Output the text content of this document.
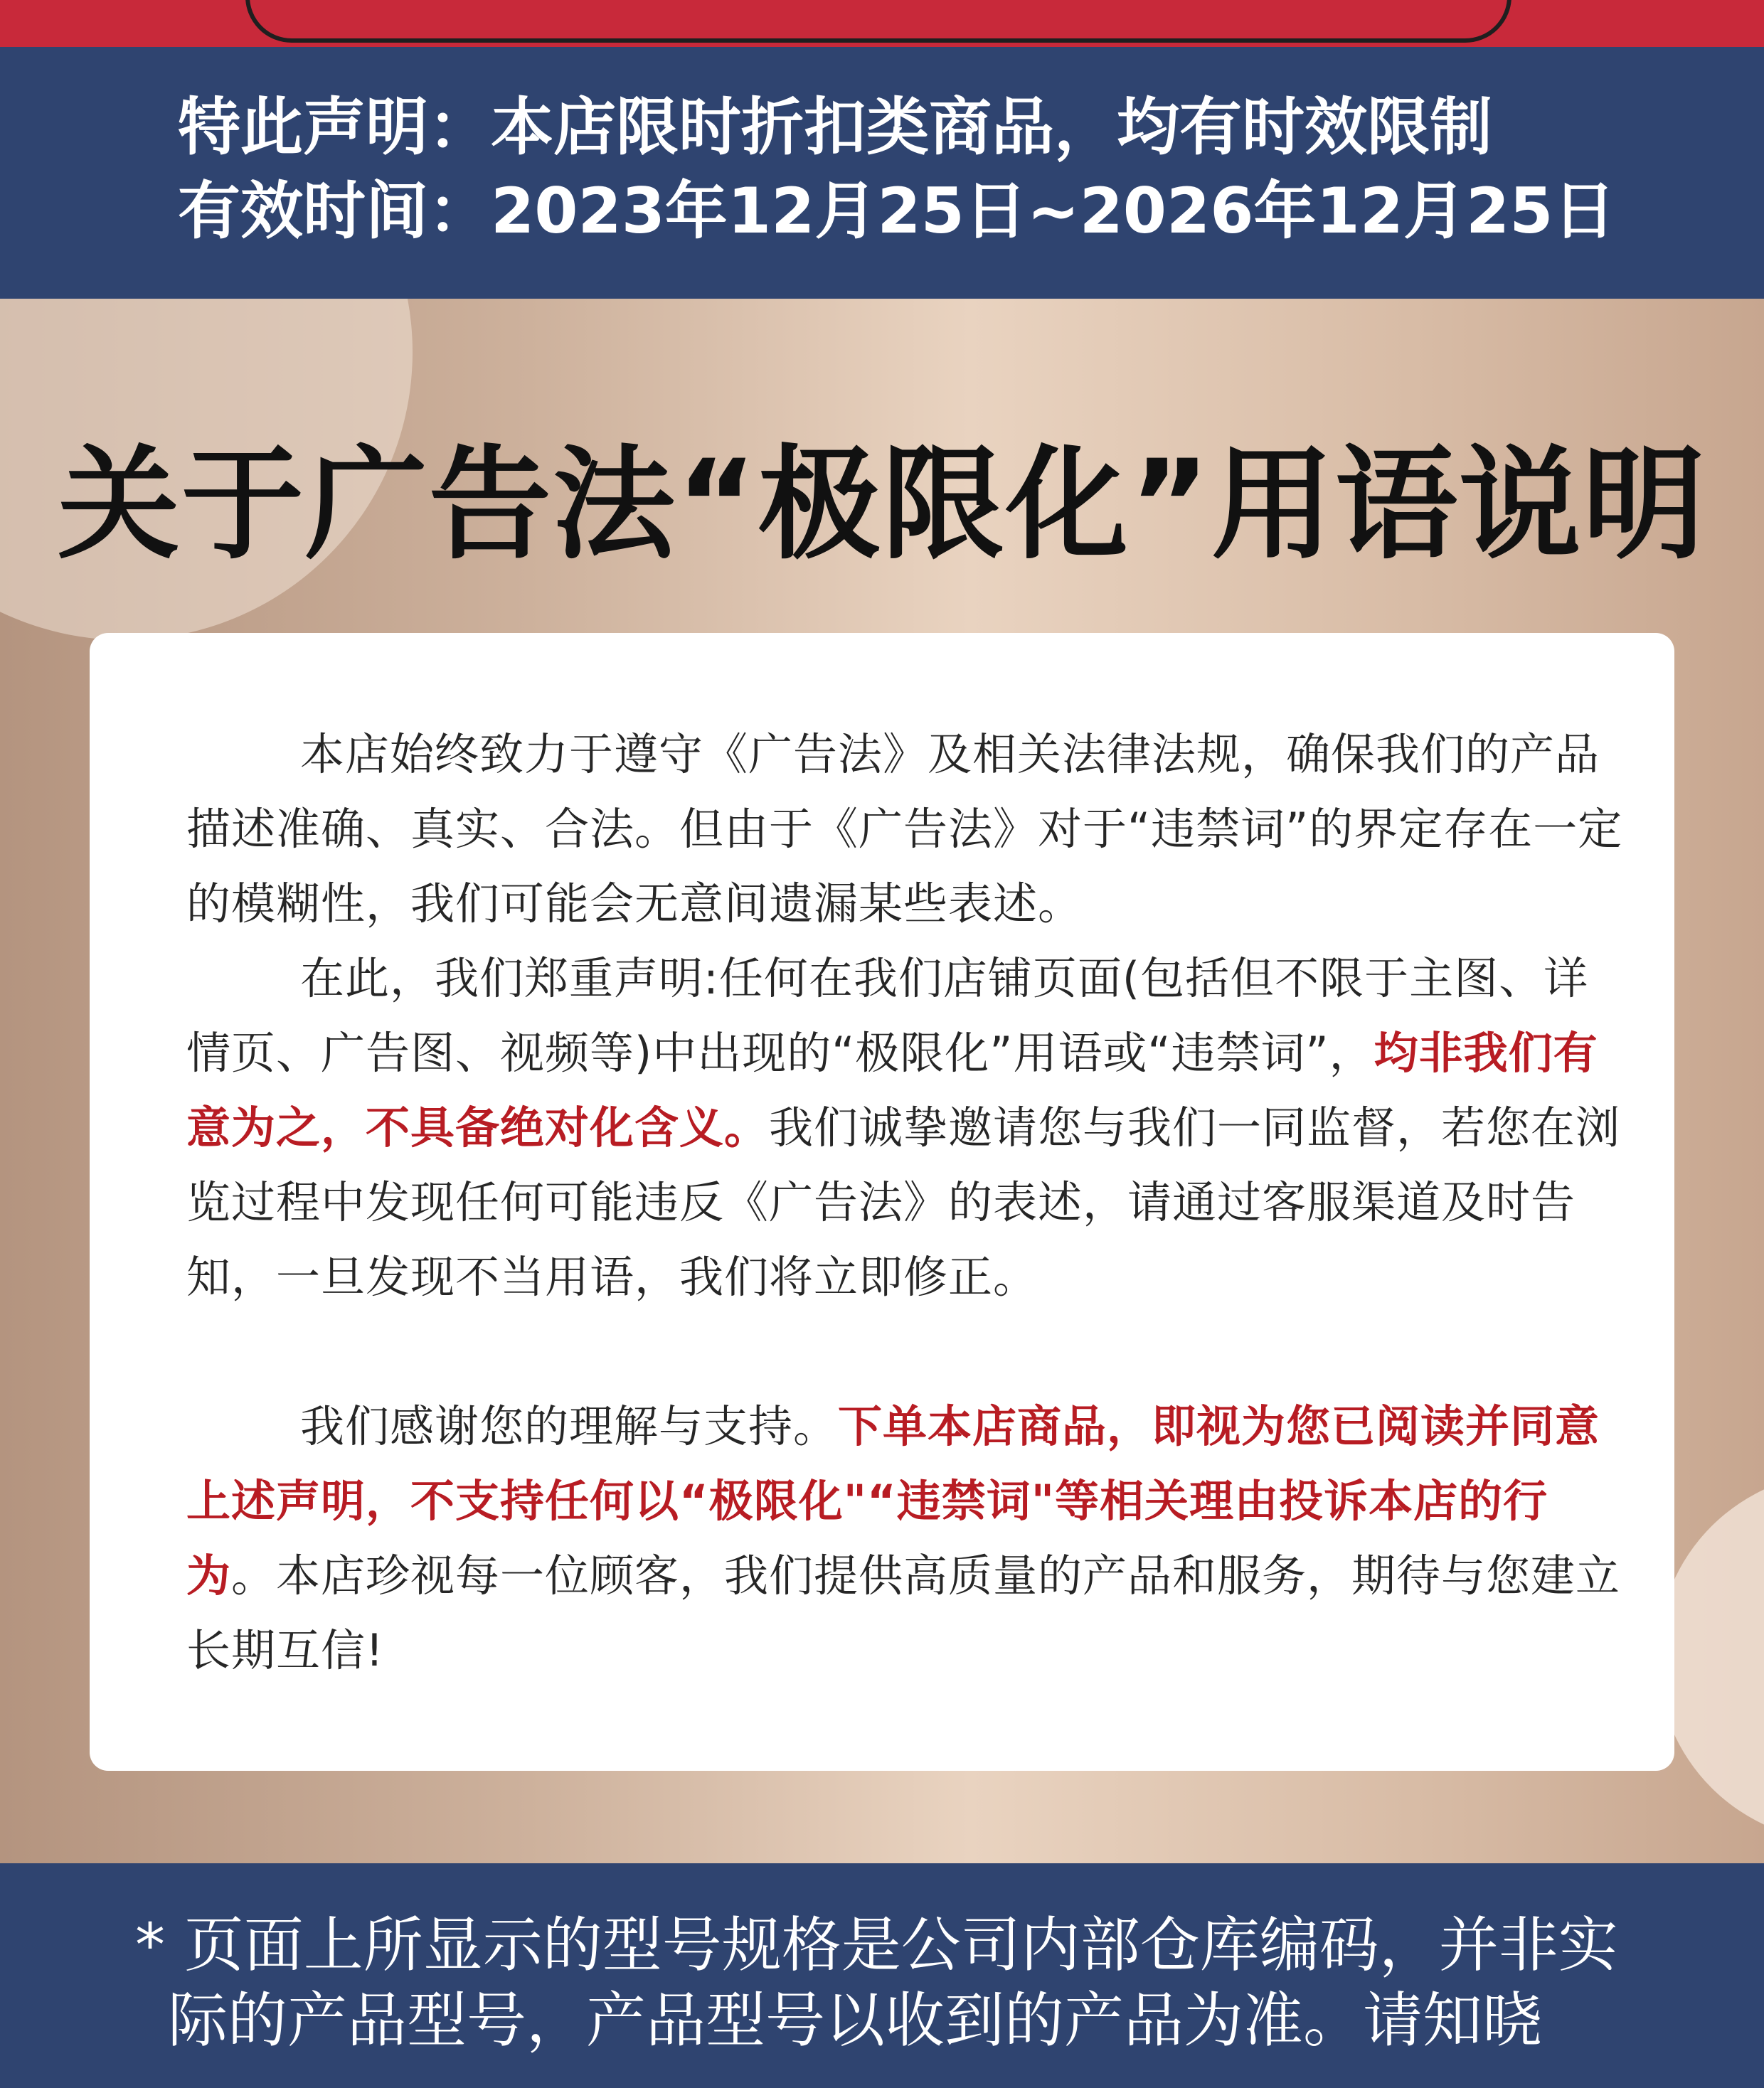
特此声明：本店限时折扣类商品，均有时效限制
有效时间：2023年12月25日~2026年12月25日
关于广告法“极限化”用语说明

本店始终致力于遵守《广告法》及相关法律法规，确保我们的产品描述准确、真实、合法。但由于《广告法》对于“违禁词”的界定存在一定的模糊性，我们可能会无意间遗漏某些表述。

在此，我们郑重声明:任何在我们店铺页面(包括但不限于主图、详情页、广告图、视频等)中出现的“极限化”用语或“违禁词”，均非我们有意为之，不具备绝对化含义。我们诚挚邀请您与我们一同监督，若您在浏览过程中发现任何可能违反《广告法》的表述，请通过客服渠道及时告知，一旦发现不当用语，我们将立即修正。

我们感谢您的理解与支持。下单本店商品，即视为您已阅读并同意上述声明，不支持任何以“极限化"“违禁词"等相关理由投诉本店的行为。本店珍视每一位顾客，我们提供高质量的产品和服务，期待与您建立长期互信!

* 页面上所显示的型号规格是公司内部仓库编码，并非实
际的产品型号，产品型号以收到的产品为准。请知晓
